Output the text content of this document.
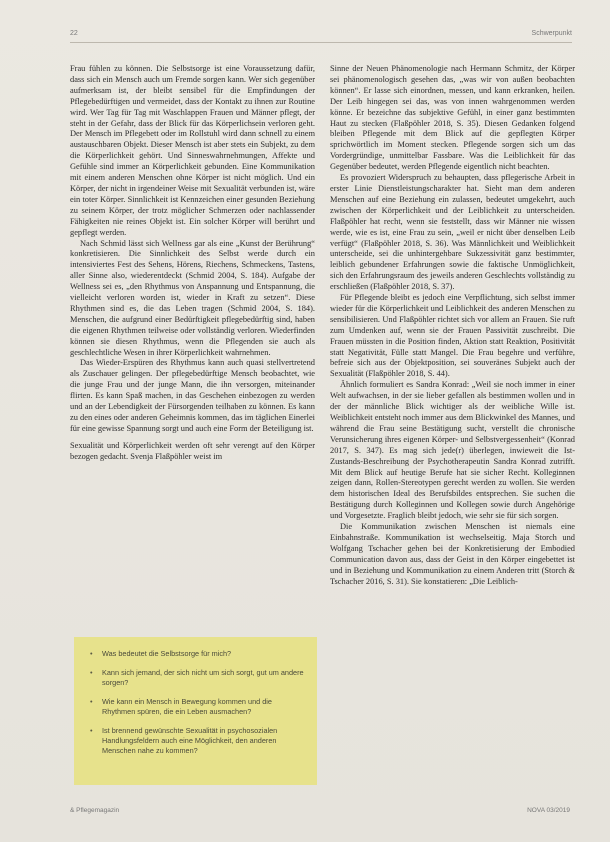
22	Schwerpunkt

Frau fühlen zu können. Die Selbstsorge ist eine Voraussetzung dafür, dass sich ein Mensch auch um Fremde sorgen kann. Wer sich gegenüber aufmerksam ist, der bleibt sensibel für die Empfindungen der Pflegebedürftigen und vermeidet, dass der Kontakt zu ihnen zur Routine wird. Wer Tag für Tag mit Waschlappen Frauen und Männer pflegt, der steht in der Gefahr, dass der Blick für das Körperlichsein verloren geht. Der Mensch im Pflegebett oder im Rollstuhl wird dann schnell zu einem austauschbaren Objekt. Dieser Mensch ist aber stets ein Subjekt, zu dem die Körperlichkeit gehört. Und Sinneswahrnehmungen, Affekte und Gefühle sind immer an Körperlichkeit gebunden. Eine Kommunikation mit einem anderen Menschen ohne Körper ist nicht möglich. Und ein Körper, der nicht in irgendeiner Weise mit Sexualität verbunden ist, wäre ein toter Körper. Sinnlichkeit ist Kennzeichen einer gesunden Beziehung zu seinem Körper, der trotz möglicher Schmerzen oder nachlassender Fähigkeiten nie reines Objekt ist. Ein solcher Körper will berührt und gepflegt werden.

Nach Schmid lässt sich Wellness gar als eine „Kunst der Berührung“ konkretisieren. Die Sinnlichkeit des Selbst werde durch ein intensiviertes Fest des Sehens, Hörens, Riechens, Schmeckens, Tastens, aller Sinne also, wiederentdeckt (Schmid 2004, S. 184). Aufgabe der Wellness sei es, „den Rhythmus von Anspannung und Entspannung, die vielleicht verloren worden ist, wieder in Kraft zu setzen“. Diese Rhythmen sind es, die das Leben tragen (Schmid 2004, S. 184). Menschen, die aufgrund einer Bedürftigkeit pflegebedürftig sind, haben die eigenen Rhythmen teilweise oder vollständig verloren. Wiederfinden können sie diesen Rhythmus, wenn die Pflegenden sie auch als geschlechtliche Wesen in ihrer Körperlichkeit wahrnehmen.

Das Wieder-Erspüren des Rhythmus kann auch quasi stellvertretend als Zuschauer gelingen. Der pflegebedürftige Mensch beobachtet, wie die junge Frau und der junge Mann, die ihn versorgen, miteinander flirten. Es kann Spaß machen, in das Geschehen einbezogen zu werden und an der Lebendigkeit der Fürsorgenden teilhaben zu können. Es kann zu den eines oder anderen Geheimnis kommen, das im täglichen Einerlei für eine gewisse Spannung sorgt und auch eine Form der Beteiligung ist.

Sexualität und Körperlichkeit werden oft sehr verengt auf den Körper bezogen gedacht. Svenja Flaßpöhler weist im

• Was bedeutet die Selbstsorge für mich?
• Kann sich jemand, der sich nicht um sich sorgt, gut um andere sorgen?
• Wie kann ein Mensch in Bewegung kommen und die Rhythmen spüren, die ein Leben ausmachen?
• Ist brennend gewünschte Sexualität in psychosozialen Handlungsfeldern auch eine Möglichkeit, den anderen Menschen nahe zu kommen?

Sinne der Neuen Phänomenologie nach Hermann Schmitz, der Körper sei phänomenologisch gesehen das, „was wir von außen beobachten können“. Er lasse sich einordnen, messen, und kann erkranken, heilen. Der Leib hingegen sei das, was von innen wahrgenommen werden könne. Er bezeichne das subjektive Gefühl, in einer ganz bestimmten Haut zu stecken (Flaßpöhler 2018, S. 35). Diesen Gedanken folgend bleiben Pflegende mit dem Blick auf die gepflegten Körper sprichwörtlich im Moment stecken. Pflegende sorgen sich um das Vordergründige, unmittelbar Fassbare. Was die Leiblichkeit für das Gegenüber bedeutet, werden Pflegende eigentlich nicht beachten.

Es provoziert Widerspruch zu behaupten, dass pflegerische Arbeit in erster Linie Dienstleistungscharakter hat. Sieht man dem anderen Menschen auf eine Beziehung ein zulassen, bedeutet umgekehrt, auch zwischen der Körperlichkeit und der Leiblichkeit zu unterscheiden. Flaßpöhler hat recht, wenn sie feststellt, dass wir Männer nie wissen werde, wie es ist, eine Frau zu sein, „weil er nicht über denselben Leib verfügt“ (Flaßpöhler 2018, S. 36). Was Männlichkeit und Weiblichkeit unterscheide, sei die unhintergehbare Sukzessivität ganz bestimmter, leiblich gebundener Erfahrungen sowie die faktische Unmöglichkeit, sich den Erfahrungsraum des jeweils anderen Geschlechts vollständig zu erschließen (Flaßpöhler 2018, S. 37).

Für Pflegende bleibt es jedoch eine Verpflichtung, sich selbst immer wieder für die Körperlichkeit und Leiblichkeit des anderen Menschen zu sensibilisieren. Und Flaßpöhler richtet sich vor allem an Frauen. Sie ruft zum Umdenken auf, wenn sie der Frauen Passivität zuschreibt. Die Frauen müssten in die Position finden, Aktion statt Reaktion, Positivität statt Negativität, Fülle statt Mangel. Die Frau begehre und verführe, befreie sich aus der Objektposition, sei souveränes Subjekt auch der Sexualität (Flaßpöhler 2018, S. 44).

Ähnlich formuliert es Sandra Konrad: „Weil sie noch immer in einer Welt aufwachsen, in der sie lieber gefallen als bestimmen wollen und in der der männliche Blick wichtiger als der weibliche Wille ist. Weiblichkeit entsteht noch immer aus dem Blickwinkel des Mannes, und während die Frau seine Bestätigung sucht, verstellt die chronische Verunsicherung ihres eigenen Körper- und Selbstvergessenheit“ (Konrad 2017, S. 347). Es mag sich jede(r) überlegen, inwieweit die Ist-Zustands-Beschreibung der Psychotherapeutin Sandra Konrad zutrifft. Mit dem Blick auf heutige Berufe hat sie sicher Recht. Kolleginnen zeigen dann, Rollen-Stereotypen gerecht werden zu wollen. Sie werden dem historischen Ideal des Berufsbildes entsprechen. Sie suchen die Bestätigung durch Kolleginnen und Kollegen sowie durch Angehörige und Vorgesetzte. Fraglich bleibt jedoch, wie sehr sie für sich sorgen.

Die Kommunikation zwischen Menschen ist niemals eine Einbahnstraße. Kommunikation ist wechselseitig. Maja Storch und Wolfgang Tschacher gehen bei der Konkretisierung der Embodied Communication davon aus, dass der Geist in den Körper eingebettet ist und in Beziehung und Kommunikation zu einem Anderen tritt (Storch & Tschacher 2016, S. 31). Sie konstatieren: „Die Leiblich-

& Pflegemagazin	NOVA 03/2019
